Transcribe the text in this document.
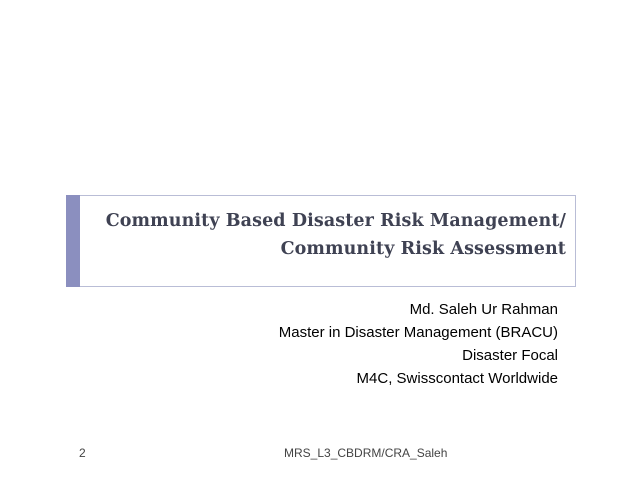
Community Based Disaster Risk Management/
Community Risk Assessment
Md. Saleh Ur Rahman
Master in Disaster Management (BRACU)
Disaster Focal
M4C, Swisscontact Worldwide
2	MRS_L3_CBDRM/CRA_Saleh
